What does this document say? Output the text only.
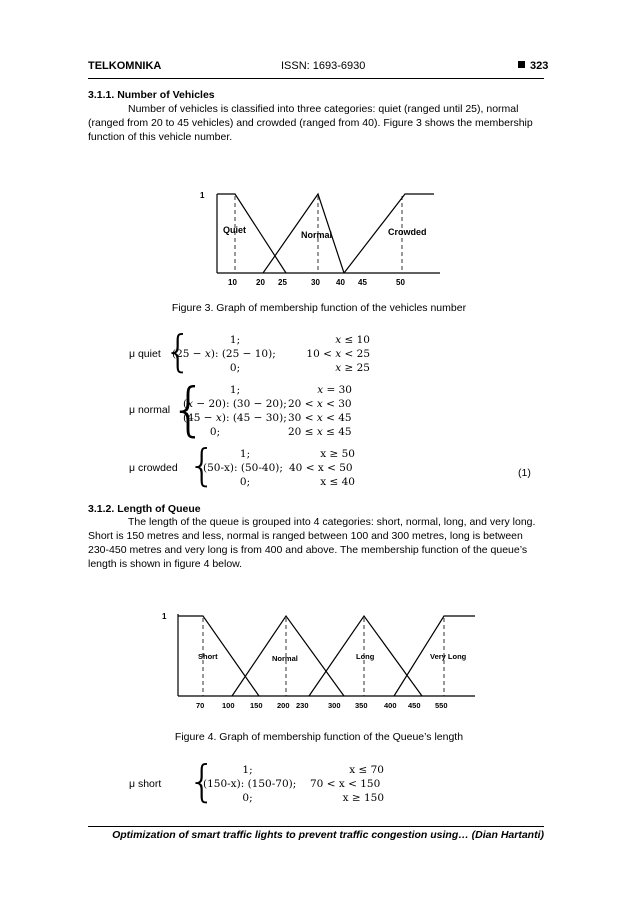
TELKOMNIKA	ISSN: 1693-6930	323
3.1.1. Number of Vehicles
Number of vehicles is classified into three categories: quiet (ranged until 25), normal
(ranged from 20 to 45 vehicles) and crowded (ranged from 40). Figure 3 shows the membership
function of this vehicle number.
1
Quiet	Normal	Crowded
10 20 25	30 40 45	50
Figure 3. Graph of membership function of the vehicles number
μ quiet {	1;	𝑥 ≤ 10
(25 − 𝑥): (25 − 10);	10 < 𝑥 < 25
0;	𝑥 ≥ 25
μ normal {	1;	𝑥 = 30
(𝑥 − 20): (30 − 20); 20 < 𝑥 < 30
(45 − 𝑥): (45 − 30); 30 < 𝑥 < 45
0;	20 ≤ 𝑥 ≤ 45
μ crowded {	1;	x ≥ 50
(50-x): (50-40); 40 < x < 50
0;	x ≤ 40
(1)
3.1.2. Length of Queue
The length of the queue is grouped into 4 categories: short, normal, long, and very long.
Short is 150 metres and less, normal is ranged between 100 and 300 metres, long is between
230-450 metres and very long is from 400 and above. The membership function of the queue’s
length is shown in figure 4 below.
1
Short	Normal	Long	Very Long
70 100 150 200 230	300 350 400 450 550
Figure 4. Graph of membership function of the Queue’s length
μ short {	1;	x ≤ 70
(150-x): (150-70); 70 < x < 150
0;	x ≥ 150
Optimization of smart traffic lights to prevent traffic congestion using… (Dian Hartanti)
